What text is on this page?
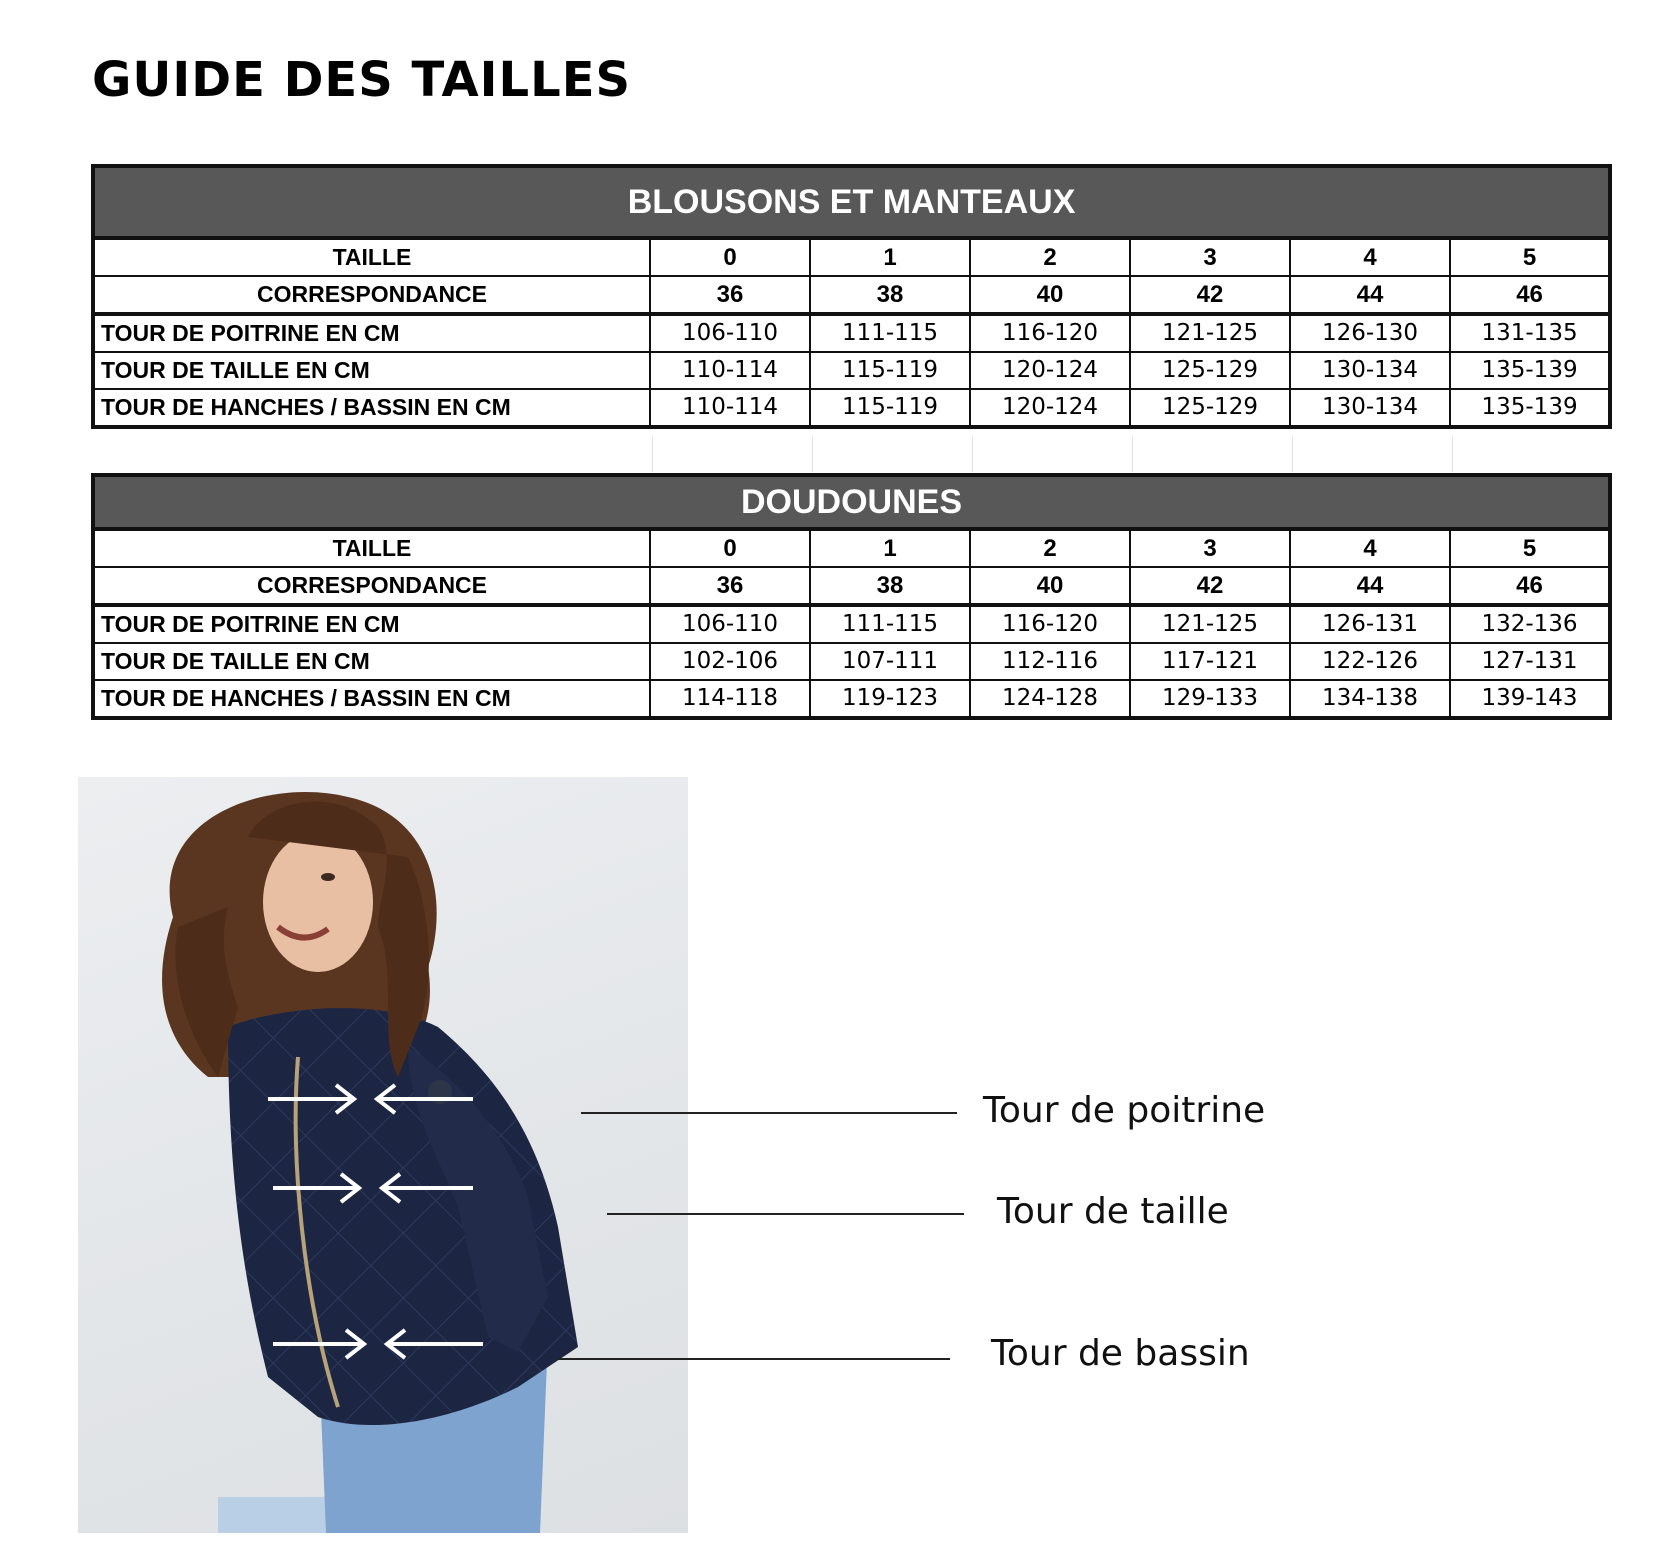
GUIDE DES TAILLES
BLOUSONS ET MANTEAUX						
TAILLE	0	1	2	3	4	5
CORRESPONDANCE	36	38	40	42	44	46
TOUR DE POITRINE EN CM	106-110	111-115	116-120	121-125	126-130	131-135
TOUR DE TAILLE EN CM	110-114	115-119	120-124	125-129	130-134	135-139
TOUR DE HANCHES / BASSIN EN CM	110-114	115-119	120-124	125-129	130-134	135-139
DOUDOUNES						
TAILLE	0	1	2	3	4	5
CORRESPONDANCE	36	38	40	42	44	46
TOUR DE POITRINE EN CM	106-110	111-115	116-120	121-125	126-131	132-136
TOUR DE TAILLE EN CM	102-106	107-111	112-116	117-121	122-126	127-131
TOUR DE HANCHES / BASSIN EN CM	114-118	119-123	124-128	129-133	134-138	139-143
Tour de poitrine
Tour de taille
Tour de bassin
